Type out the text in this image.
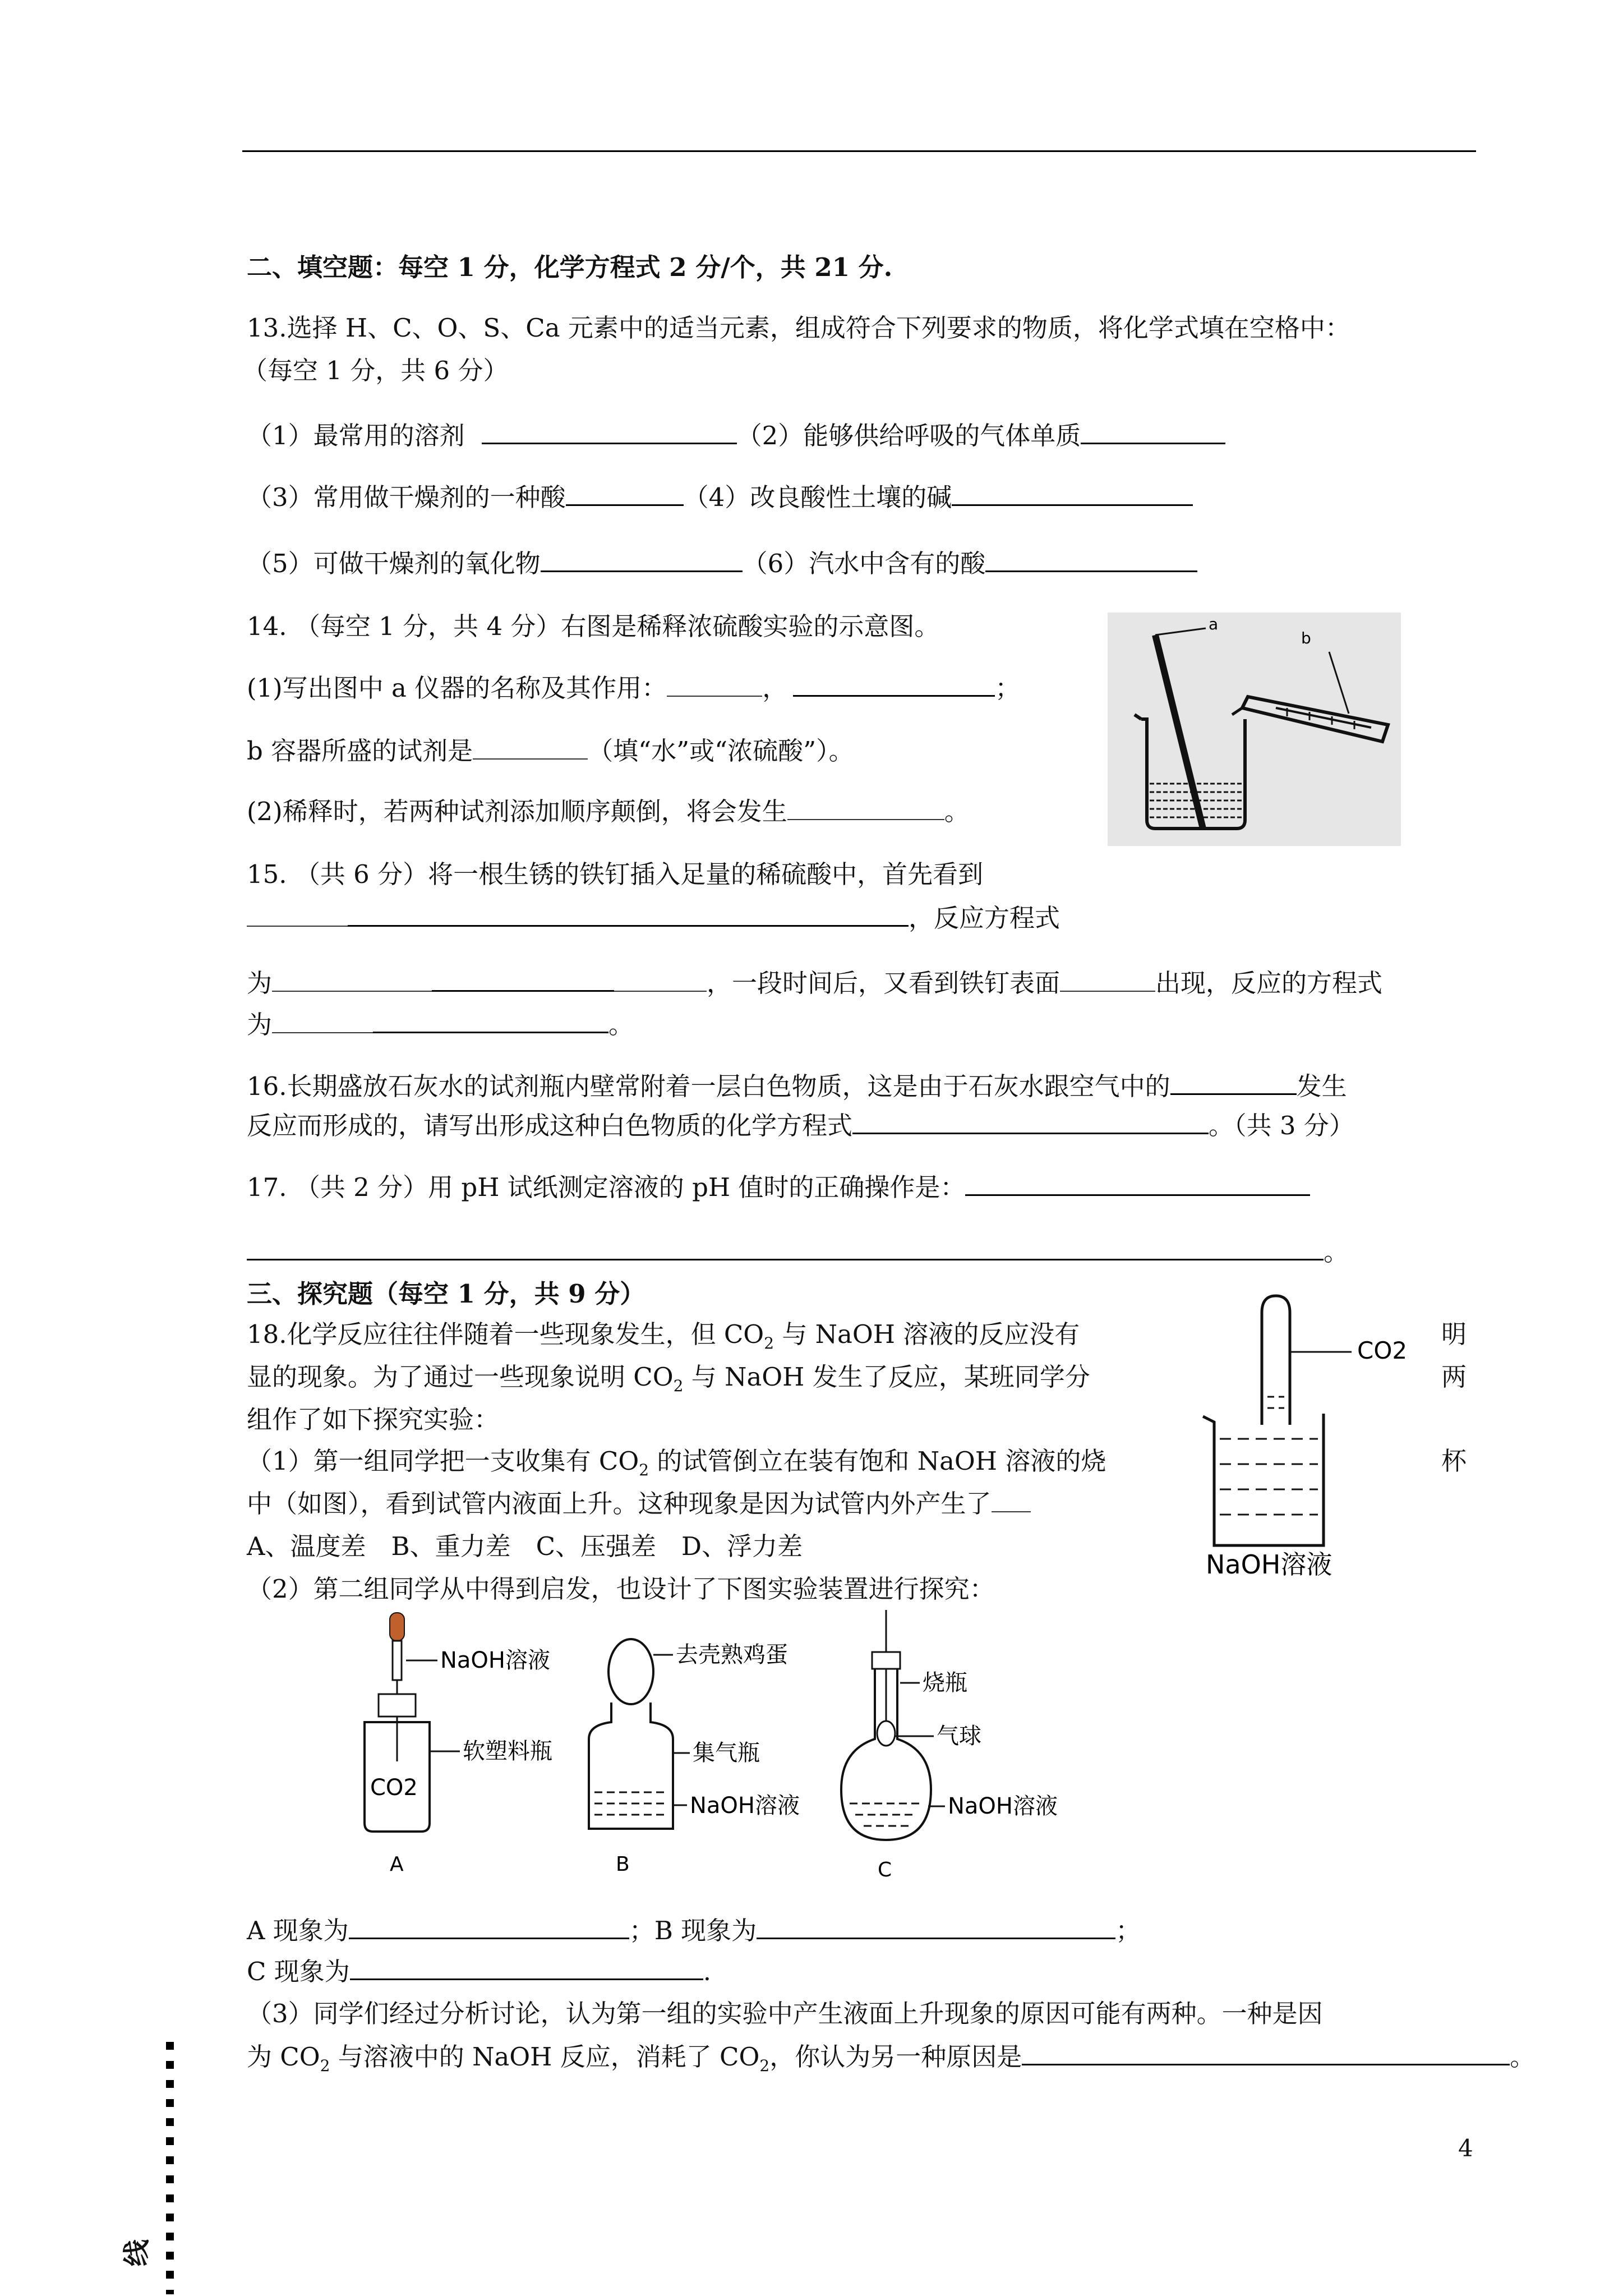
二、填空题：每空 1 分，化学方程式 2 分/个，共 21 分.
13.选择 H、C、O、S、Ca 元素中的适当元素，组成符合下列要求的物质，将化学式填在空格中：
（每空 1 分，共 6 分）
（1）最常用的溶剂	（2）能够供给呼吸的气体单质
（3）常用做干燥剂的一种酸	（4）改良酸性土壤的碱
（5）可做干燥剂的氧化物	（6）汽水中含有的酸
14. （每空 1 分，共 4 分）右图是稀释浓硫酸实验的示意图。
(1)写出图中 a 仪器的名称及其作用：	，	；
b 容器所盛的试剂是	（填“水”或“浓硫酸”）。
(2)稀释时，若两种试剂添加顺序颠倒，将会发生	。
a
b
15. （共 6 分）将一根生锈的铁钉插入足量的稀硫酸中，首先看到
，反应方程式
为	，一段时间后，又看到铁钉表面	出现，反应的方程式
为	。
16.长期盛放石灰水的试剂瓶内壁常附着一层白色物质，这是由于石灰水跟空气中的	发生
反应而形成的，请写出形成这种白色物质的化学方程式	。（共 3 分）
17. （共 2 分）用 pH 试纸测定溶液的 pH 值时的正确操作是：
。
三、探究题（每空 1 分，共 9 分）
18.化学反应往往伴随着一些现象发生，但 $CO_2$ 与 NaOH 溶液的反应没有	明
显的现象。为了通过一些现象说明 $CO_2$ 与 NaOH 发生了反应，某班同学分	两
组作了如下探究实验：
（1）第一组同学把一支收集有 $CO_2$ 的试管倒立在装有饱和 NaOH 溶液的烧	杯
中（如图），看到试管内液面上升。这种现象是因为试管内外产生了
A、温度差　B、重力差　C、压强差　D、浮力差
（2）第二组同学从中得到启发，也设计了下图实验装置进行探究：
CO2
NaOH溶液
NaOH溶液
软塑料瓶
CO2
A
去壳熟鸡蛋
集气瓶
NaOH溶液
B
烧瓶
气球
NaOH溶液
C
A 现象为	；B 现象为	；
C 现象为	.
（3）同学们经过分析讨论，认为第一组的实验中产生液面上升现象的原因可能有两种。一种是因
为 $CO_2$ 与溶液中的 NaOH 反应，消耗了 $CO_2$，你认为另一种原因是	。
4
线
